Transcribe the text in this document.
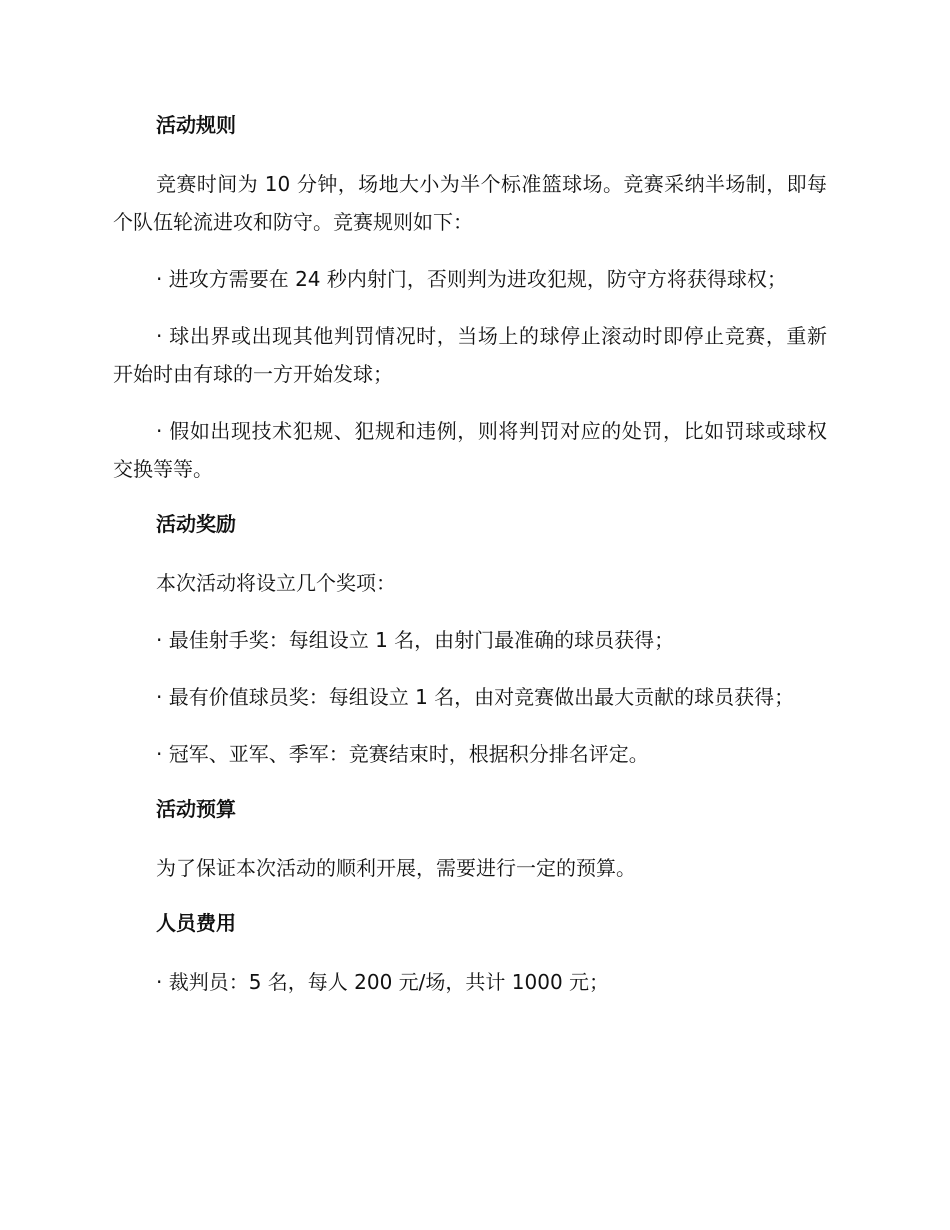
活动规则

竞赛时间为 10 分钟，场地大小为半个标准篮球场。竞赛采纳半场制，即每个队伍轮流进攻和防守。竞赛规则如下：

· 进攻方需要在 24 秒内射门，否则判为进攻犯规，防守方将获得球权；

· 球出界或出现其他判罚情况时，当场上的球停止滚动时即停止竞赛，重新开始时由有球的一方开始发球；

· 假如出现技术犯规、犯规和违例，则将判罚对应的处罚，比如罚球或球权交换等等。

活动奖励

本次活动将设立几个奖项：

· 最佳射手奖：每组设立 1 名，由射门最准确的球员获得；

· 最有价值球员奖：每组设立 1 名，由对竞赛做出最大贡献的球员获得；

· 冠军、亚军、季军：竞赛结束时，根据积分排名评定。

活动预算

为了保证本次活动的顺利开展，需要进行一定的预算。

人员费用

· 裁判员：5 名，每人 200 元/场，共计 1000 元；
